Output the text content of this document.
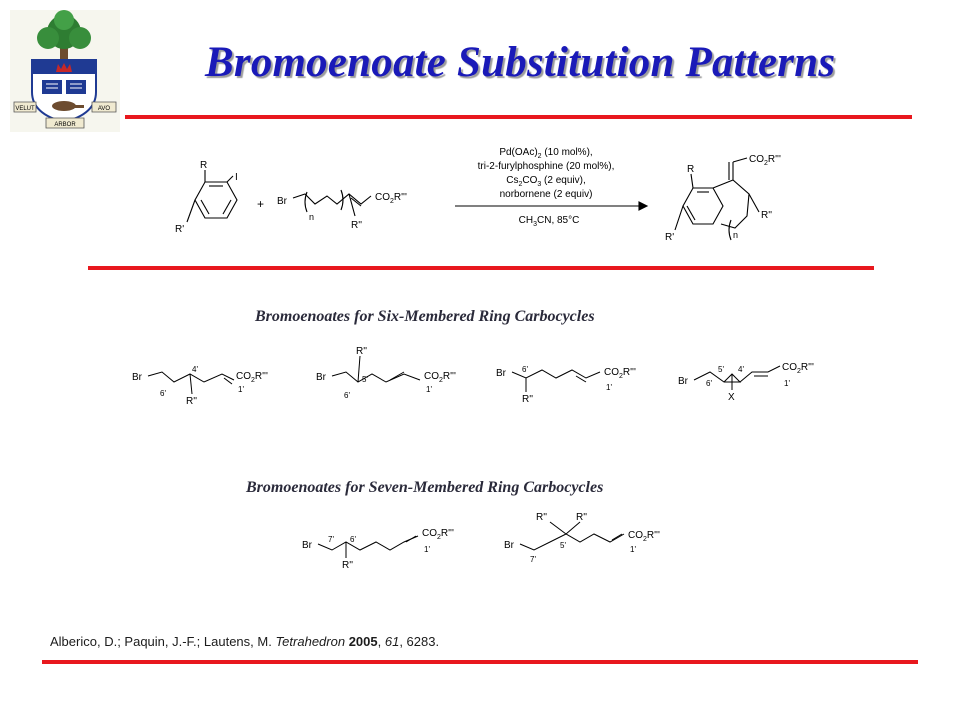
VELUT	AVO
ARBOR
Bromoenoate Substitution Patterns
R
I
R'
+ Br
n
R''
$CO_2R'''$
$Pd(OAc)_2$ (10 mol%),
tri-2-furylphosphine (20 mol%),
$Cs_2CO_3$ (2 equiv),
norbornene (2 equiv)
$CH_3CN$, 85°C
R
$CO_2R'''$
R''
n
R'
Bromoenoates for Six-Membered Ring Carbocycles
Br
6'
4'
R''
$CO_2R'''$
1'
Br
R''
6'
5'	$CO_2R'''$
1'
Br
R''
6'	$CO_2R'''$
1'
Br
X
6'
5' 4'	$CO_2R'''$
1'
Bromoenoates for Seven-Membered Ring Carbocycles
Br
R''
7' 6'
$CO_2R'''$
1'	Br
R''	R''
7'
5'
$CO_2R'''$
1'
Alberico, D.; Paquin, J.-F.; Lautens, M. Tetrahedron 2005, 61, 6283.
